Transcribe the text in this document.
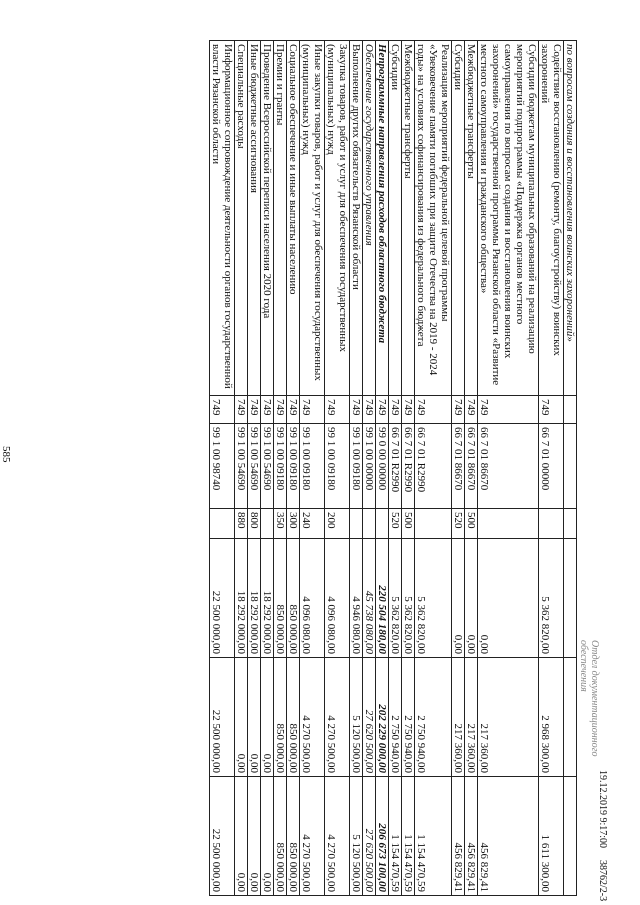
585
по вопросам создания и восстановления воинских захоронений»						
Содействие восстановлению (ремонту, благоустройству) воинских захоронений	749	66 7 01 00000		5 362 820,00	2 968 300,00	1 611 300,00
Субсидии бюджетам муниципальных образований на реализацию мероприятий подпрограммы «Поддержка органов местного самоуправления по вопросам создания и восстановления воинских захоронений» государственной программы Рязанской области «Развитие местного самоуправления и гражданского общества»	749	66 7 01 86670		0,00	217 360,00	456 829,41
Межбюджетные трансферты	749	66 7 01 86670	500	0,00	217 360,00	456 829,41
Субсидии	749	66 7 01 86670	520	0,00	217 360,00	456 829,41
Реализация мероприятий федеральной целевой программы «Увековечение памяти погибших при защите Отечества на 2019 - 2024 годы» на условиях софинансирования из федерального бюджета	749	66 7 01 R2990		5 362 820,00	2 750 940,00	1 154 470,59
Межбюджетные трансферты	749	66 7 01 R2990	500	5 362 820,00	2 750 940,00	1 154 470,59
Субсидии	749	66 7 01 R2990	520	5 362 820,00	2 750 940,00	1 154 470,59
Непрограммные направления расходов областного бюджета	749	99 0 00 00000		220 504 180,00	202 229 000,00	206 673 100,00
Обеспечение государственного управления	749	99 1 00 00000		45 738 080,00	27 620 500,00	27 620 500,00
Выполнение других обязательств Рязанской области	749	99 1 00 09180		4 946 080,00	5 120 500,00	5 120 500,00
Закупка товаров, работ и услуг для обеспечения государственных (муниципальных) нужд	749	99 1 00 09180	200	4 096 080,00	4 270 500,00	4 270 500,00
Иные закупки товаров, работ и услуг для обеспечения государственных (муниципальных) нужд	749	99 1 00 09180	240	4 096 080,00	4 270 500,00	4 270 500,00
Социальное обеспечение и иные выплаты населению	749	99 1 00 09180	300	850 000,00	850 000,00	850 000,00
Премии и гранты	749	99 1 00 09180	350	850 000,00	850 000,00	850 000,00
Проведение Всероссийской переписи населения 2020 года	749	99 1 00 54690		18 292 000,00	0,00	0,00
Иные бюджетные ассигнования	749	99 1 00 54690	800	18 292 000,00	0,00	0,00
Специальные расходы	749	99 1 00 54690	880	18 292 000,00	0,00	0,00
Информационное сопровождение деятельности органов государственной власти Рязанской области	749	99 1 00 98740		22 500 000,00	22 500 000,00	22 500 000,00
Отдел документационного обеспечения
19.12.2019 9:17:00
38762/2-3
